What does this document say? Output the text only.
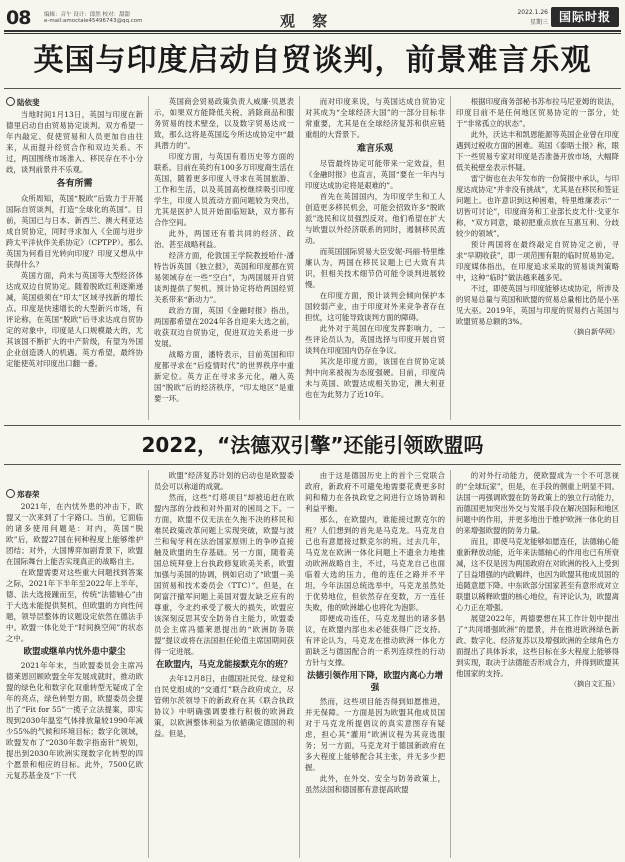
08 编辑：音午 设计：郎然 校对：甜甜
e-mail:amoctale45496743@qq.com	观 察	2022.1.26
星期三 国际时报
英国与印度启动自贸谈判，前景难言乐观
陆依斐

当地时间1月13日，英国与印度在新德里启动自由贸易协定谈判。双方希望一年内敲定、促使贸易和人员更加自由往来，从而提升经贸合作和双边关系。不过，两国围绕市场准入、移民存在不小分歧，谈判前景并不乐观。

各有所需

众所周知，英国“脱欧”后致力于开展国际自贸谈判，打造“全球化的英国”。目前，英国已与日本、新西兰、澳大利亚达成自贸协定，同时寻求加入《全面与进步跨太平洋伙伴关系协定》（CPTPP）。那么英国为何看目光转向印度？印度又想从中获得什么？

英国方面，尚未与英国等大型经济体达成双边自贸协定。随着脱欧红利逐渐递减，英国亟须在“印太”区域寻找新的增长点。印度是快速增长的大型新兴市场，有评论称，在英国“脱欧”后寻求达成自贸协定的对象中，印度是人口规模最大的，尤其该国不断扩大的中产阶级，有望为外国企业创造诱人的机遇。英方希望，最终协定能使英对印度出口翻一番。

英国商会贸易政策负责人威廉·贝恩表示，如果双方能降低关税、消除商品和服务贸易的技术壁垒，以及数字贸易达成一致，那么这将是英国迄今所达成协定中“最具潜力的”。

印度方面，与英国有着历史等方面的联系。目前在英约有100多万印度裔生活在英国，随着更多印度人寻求在英国旅游、工作和生活，以及英国高校继续吸引印度学生，印度人员流动方面问题较为突出，尤其是医护人员开始面临短缺，双方都有合作空间。

此外，两国还有着共同的经济、政治、甚至战略利益。

经济方面，伦敦国王学院教授哈什·潘特告诉英国《独立报》，英国和印度都在贸易领域存在一些“空白”，为两国展开自贸谈判提供了契机。预计协定将给两国经贸关系带来“新动力”。

政治方面，英国《金融时报》指出，两国都希望在2024年各自迎来大选之前，收获双边自贸协定，促进双边关系进一步发展。

战略方面，潘特表示，目前英国和印度都寻求在“后疫情时代”的世界秩序中重新定位。英方正在寻求多元化，融入英国“脱欧”后的经济秩序，“印太地区”是重要一环。

而对印度来说，与英国达成自贸协定对其成为“全球经济大国”的一部分目标非常重要，尤其是在全球经济复苏和供应链重组的大背景下。

难言乐观

尽管最终协定可能带来一定效益，但《金融时报》也直言，英国“要在一年内与印度达成协定将是艰难的”。

首先在英国国内，为印度学生和工人创造更多移民机会，可能会招致许多“脱欧派”选民和议员强烈反对。他们希望在扩大与欧盟以外经济联系的同时，遏制移民流动。

而英国国际贸易大臣安妮-玛丽·特里维廉认为，两国在移民议题上已大致有共识，但相关技术细节仍可能令谈判进展较慢。

在印度方面，预计谈判会倾向保护本国较弱产业，由于印度对外来竞争者存在担忧，这可能导致谈判方面的障碍。

此外对于英国在印度发挥影响力，一些评论员认为，英国选择与印度开展自贸谈判在印度国内仍存在争议。

其次是印度方面，该国在自贸协定谈判中向来被视为态度强硬。目前，印度尚未与英国、欧盟达成相关协定，澳大利亚也在为此努力了近10年。

根据印度商务部秘书苏布拉马尼亚姆的说法，印度目前不是任何地区贸易协定的一部分，处于“非常孤立的状态”。

此外，沃达丰和凯恩能源等英国企业曾在印度遇到过税收方面的困难。英国《泰晤士报》称，眼下一些贸易专家对印度是否准备开放市场，大幅降低关税壁垒表示怀疑。

雷宁街也在去年发布的一份简报中承认，与印度达成协定“并非没有挑战”，尤其是在移民和签证问题上。也许意识到这种困难，特里维廉表示“一切皆可讨论”，印度商务和工业部长皮尤什·戈亚尔称，“双方同意，最初把重点放在互惠互利、分歧较少的领域”。

预计两国将在最终敲定自贸协定之前，寻求“早期收获”，即一项范围有限的临时贸易协定。印度媒体指出，在印度追求采取的贸易谈判策略中，这种“临时”做法越来越多见。

不过，即使英国与印度能够达成协定，所涉及的贸易总量与英国和欧盟的贸易总量相比仍是小巫见大巫。2019年，英国与印度的贸易约占英国与欧盟贸易总额的3%。

（摘自新华网）
2022，“法德双引擎”还能引领欧盟吗
郑春荣

2021年，在内忧外患的冲击下，欧盟又一次来到了十字路口。当前，它面临的诸多使用问题是：对内，英国“脱欧”后，欧盟27国在何种程度上能够维护团结；对外，大国博弈加剧背景下，欧盟在国际舞台上能否实现真正的战略自主。

在欧盟需要对这些重大问题找到答案之际，2021年下半年至2022年上半年，德、法大选接踵而至，传统“法德轴心”由于大选未能提供契机，但欧盟的方向性问题，领导层整体的议题设定依然在德法手中。欧盟一体化处于“时间换空间”的状态之中。

欧盟或继单内忧外患中蒙尘

2021年年末，当欧盟委员会主席冯德莱恩回顾欧盟全年发展成就时，推动欧盟的绿色化和数字化双重转型无疑成了全年的亮点，绿色转型方面，欧盟委员会提出了“Fit for 55”一揽子立法提案，即实现到2030年温室气体排放量较1990年减少55%的气候和环境目标；数字化领域，欧盟发布了“2030年数字指南针”规划，提出到2030年欧洲实现数字化转型的四个愿景和相应的目标。此外，7500亿欧元复苏基金及“下一代

欧盟”经济复苏计划的启动也是欧盟委员会可以称道的成就。

然而，这些“灯塔项目”却被追赶在欧盟内部的分歧和对外面对的困局之下。一方面，欧盟不仅无法在久拖不决的移民和难民政策改革问题上实现突破，欧盟与波兰和匈牙利在法治国家原则上的争吵直接触及欧盟的生存基础。另一方面，随着美国总统拜登上台执政修复欧美关系，欧盟加强与美国的协调，例如启动了“欧盟－美国贸易和技术委员会（TTC）”。但是，在阿富汗撤军问题上美国对盟友缺乏应有的尊重，令北约承受了极大的损失，欧盟应该深刻反思其安全防务自主能力，欧盟委员会主席冯德莱恩提出的“欧洲防务联盟”提议或将在法国担任轮值主席国期间获得一定进展。

在欧盟内，马克龙能接默克尔的班？

去年12月8日，由德国社民党、绿党和自民党组成的“交通灯”联合政府成立，尽管朔尔茨领导下的新政府在其《联合执政协议》中明确强调要推行积极的欧洲政策，以欧洲整体利益为依循确定德国的利益。但是，

由于这是德国历史上的首个三党联合政府，新政府不可避免地需要花费更多时间和精力在各执政党之间进行立场协调和利益平衡。

那么，在欧盟内，谁能接过默克尔的班？人们想到的首先是马克龙。马克龙自己也有意愿接过默克尔的班。过去几年，马克龙在欧洲一体化问题上不遗余力地推动欧洲战略自主，不过，马克龙自己也面临着大选的压力，他的连任之路并不平坦。今年法国总统选举中，马克龙虽然处于优势地位，但依然存在变数，万一连任失败，他的欧洲雄心也将化为泡影。

即便成功连任，马克龙提出的诸多倡议，在欧盟内部也未必能获得广泛支持。有评论认为，马克龙在推动欧洲一体化方面缺乏与德国配合的一系列连续性的行动方针与支撑。

法德引领作用下降，欧盟内离心力增强

然而，这些项目能否得到如愿推进，并无保障。一方面是因为欧盟其他成员国对于马克龙所提倡议的真实意图存有疑虑，担心其“灌用”欧洲议程为其竞选服务；另一方面，马克龙对于德国新政府在多大程度上能够配合其主张，并无多少把握。

此外，在外交、安全与防务政策上，虽然法国和德国都有意提高欧盟

的对外行动能力，使欧盟成为一个不可忽视的“全球玩家”，但是，在手段的侧重上明显不同。法国一再强调欧盟在防务政策上的独立行动能力，而德国更加突出外交与发展手段在解决国际和地区问题中的作用，并更多地出于维护欧洲一体化的目的来增强欧盟的防务力量。

而且，即使马克龙能够如愿连任，法德轴心能重新释放动能，近年来法德轴心的作用也已有所衰减，这不仅是因为两国政府在对欧洲的投入上受到了日益增强的内政羁绊，也因为欧盟其他成员国的追随意愿下降。中东欧部分国家甚至有意形成对立联盟以稀释欧盟的核心地位，有评论认为，欧盟离心力正在增强。

展望2022年，两德要想在其工作计划中提出了“共同增强欧洲”的愿景，并在推进欧洲绿色新政、数字化、经济复苏以及增强欧洲的全球角色方面提出了具体诉求，这些目标在多大程度上能够得到实现，取决于法德能否形成合力，并得到欧盟其他国家的支持。

（摘自文汇报）
